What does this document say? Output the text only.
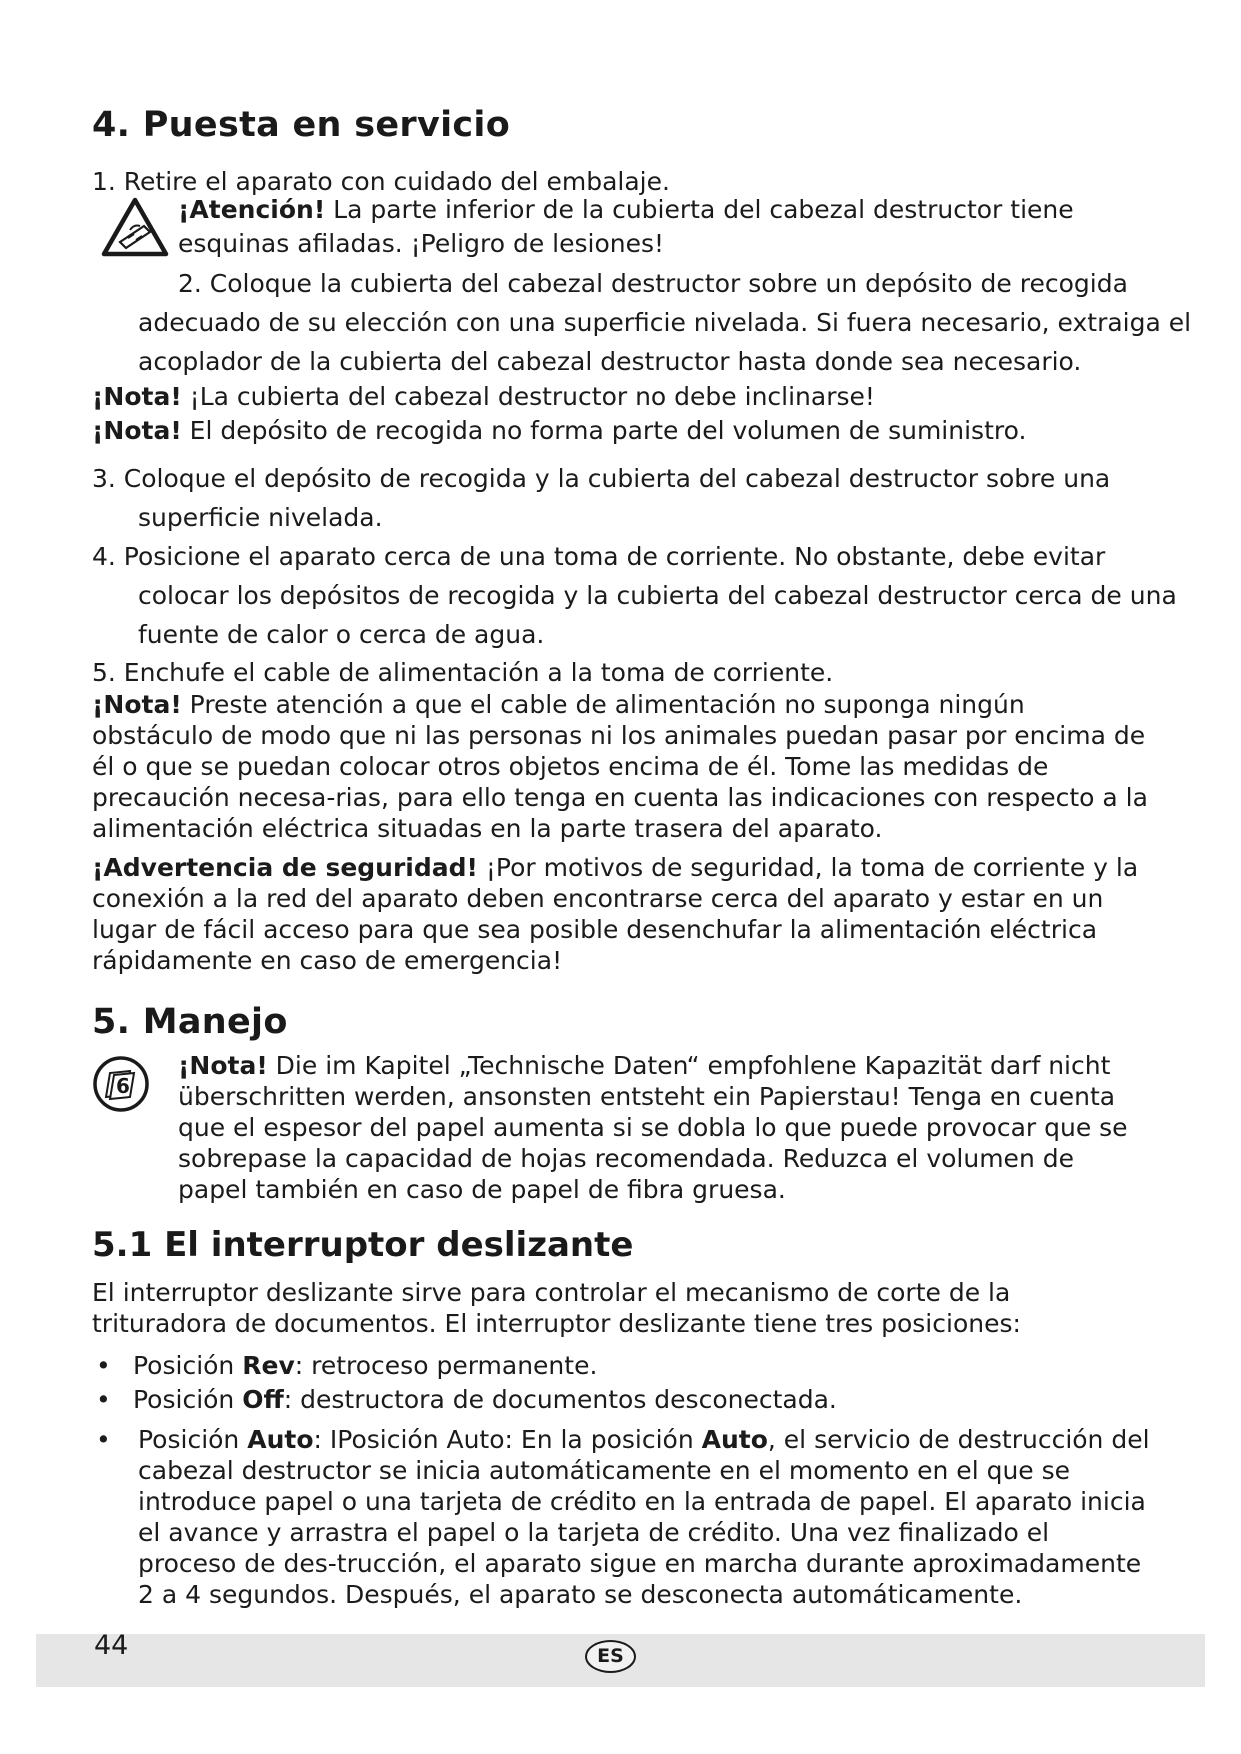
4. Puesta en servicio
1. Retire el aparato con cuidado del embalaje.
¡Atención! La parte inferior de la cubierta del cabezal destructor tiene
esquinas afiladas. ¡Peligro de lesiones!
2. Coloque la cubierta del cabezal destructor sobre un depósito de recogida
adecuado de su elección con una superficie nivelada. Si fuera necesario, extraiga el
acoplador de la cubierta del cabezal destructor hasta donde sea necesario.
¡Nota! ¡La cubierta del cabezal destructor no debe inclinarse!
¡Nota! El depósito de recogida no forma parte del volumen de suministro.
3. Coloque el depósito de recogida y la cubierta del cabezal destructor sobre una
superficie nivelada.
4. Posicione el aparato cerca de una toma de corriente. No obstante, debe evitar
colocar los depósitos de recogida y la cubierta del cabezal destructor cerca de una
fuente de calor o cerca de agua.
5. Enchufe el cable de alimentación a la toma de corriente.
¡Nota! Preste atención a que el cable de alimentación no suponga ningún obstáculo de modo que ni las personas ni los animales puedan pasar por encima de él o que se puedan colocar otros objetos encima de él. Tome las medidas de precaución necesa-rias, para ello tenga en cuenta las indicaciones con respecto a la alimentación eléctrica situadas en la parte trasera del aparato.
¡Advertencia de seguridad! ¡Por motivos de seguridad, la toma de corriente y la conexión a la red del aparato deben encontrarse cerca del aparato y estar en un lugar de fácil acceso para que sea posible desenchufar la alimentación eléctrica rápidamente en caso de emergencia!
5. Manejo
6
¡Nota! Die im Kapitel „Technische Daten“ empfohlene Kapazität darf nicht überschritten werden, ansonsten entsteht ein Papierstau! Tenga en cuenta que el espesor del papel aumenta si se dobla lo que puede provocar que se sobrepase la capacidad de hojas recomendada. Reduzca el volumen de papel también en caso de papel de fibra gruesa.
5.1 El interruptor deslizante
El interruptor deslizante sirve para controlar el mecanismo de corte de la trituradora de documentos. El interruptor deslizante tiene tres posiciones:
• Posición Rev: retroceso permanente.
• Posición Off: destructora de documentos desconectada.
• Posición Auto: IPosición Auto: En la posición Auto, el servicio de destrucción del cabezal destructor se inicia automáticamente en el momento en el que se introduce papel o una tarjeta de crédito en la entrada de papel. El aparato inicia el avance y arrastra el papel o la tarjeta de crédito. Una vez finalizado el proceso de des-trucción, el aparato sigue en marcha durante aproximadamente 2 a 4 segundos. Después, el aparato se desconecta automáticamente.
44	ES
